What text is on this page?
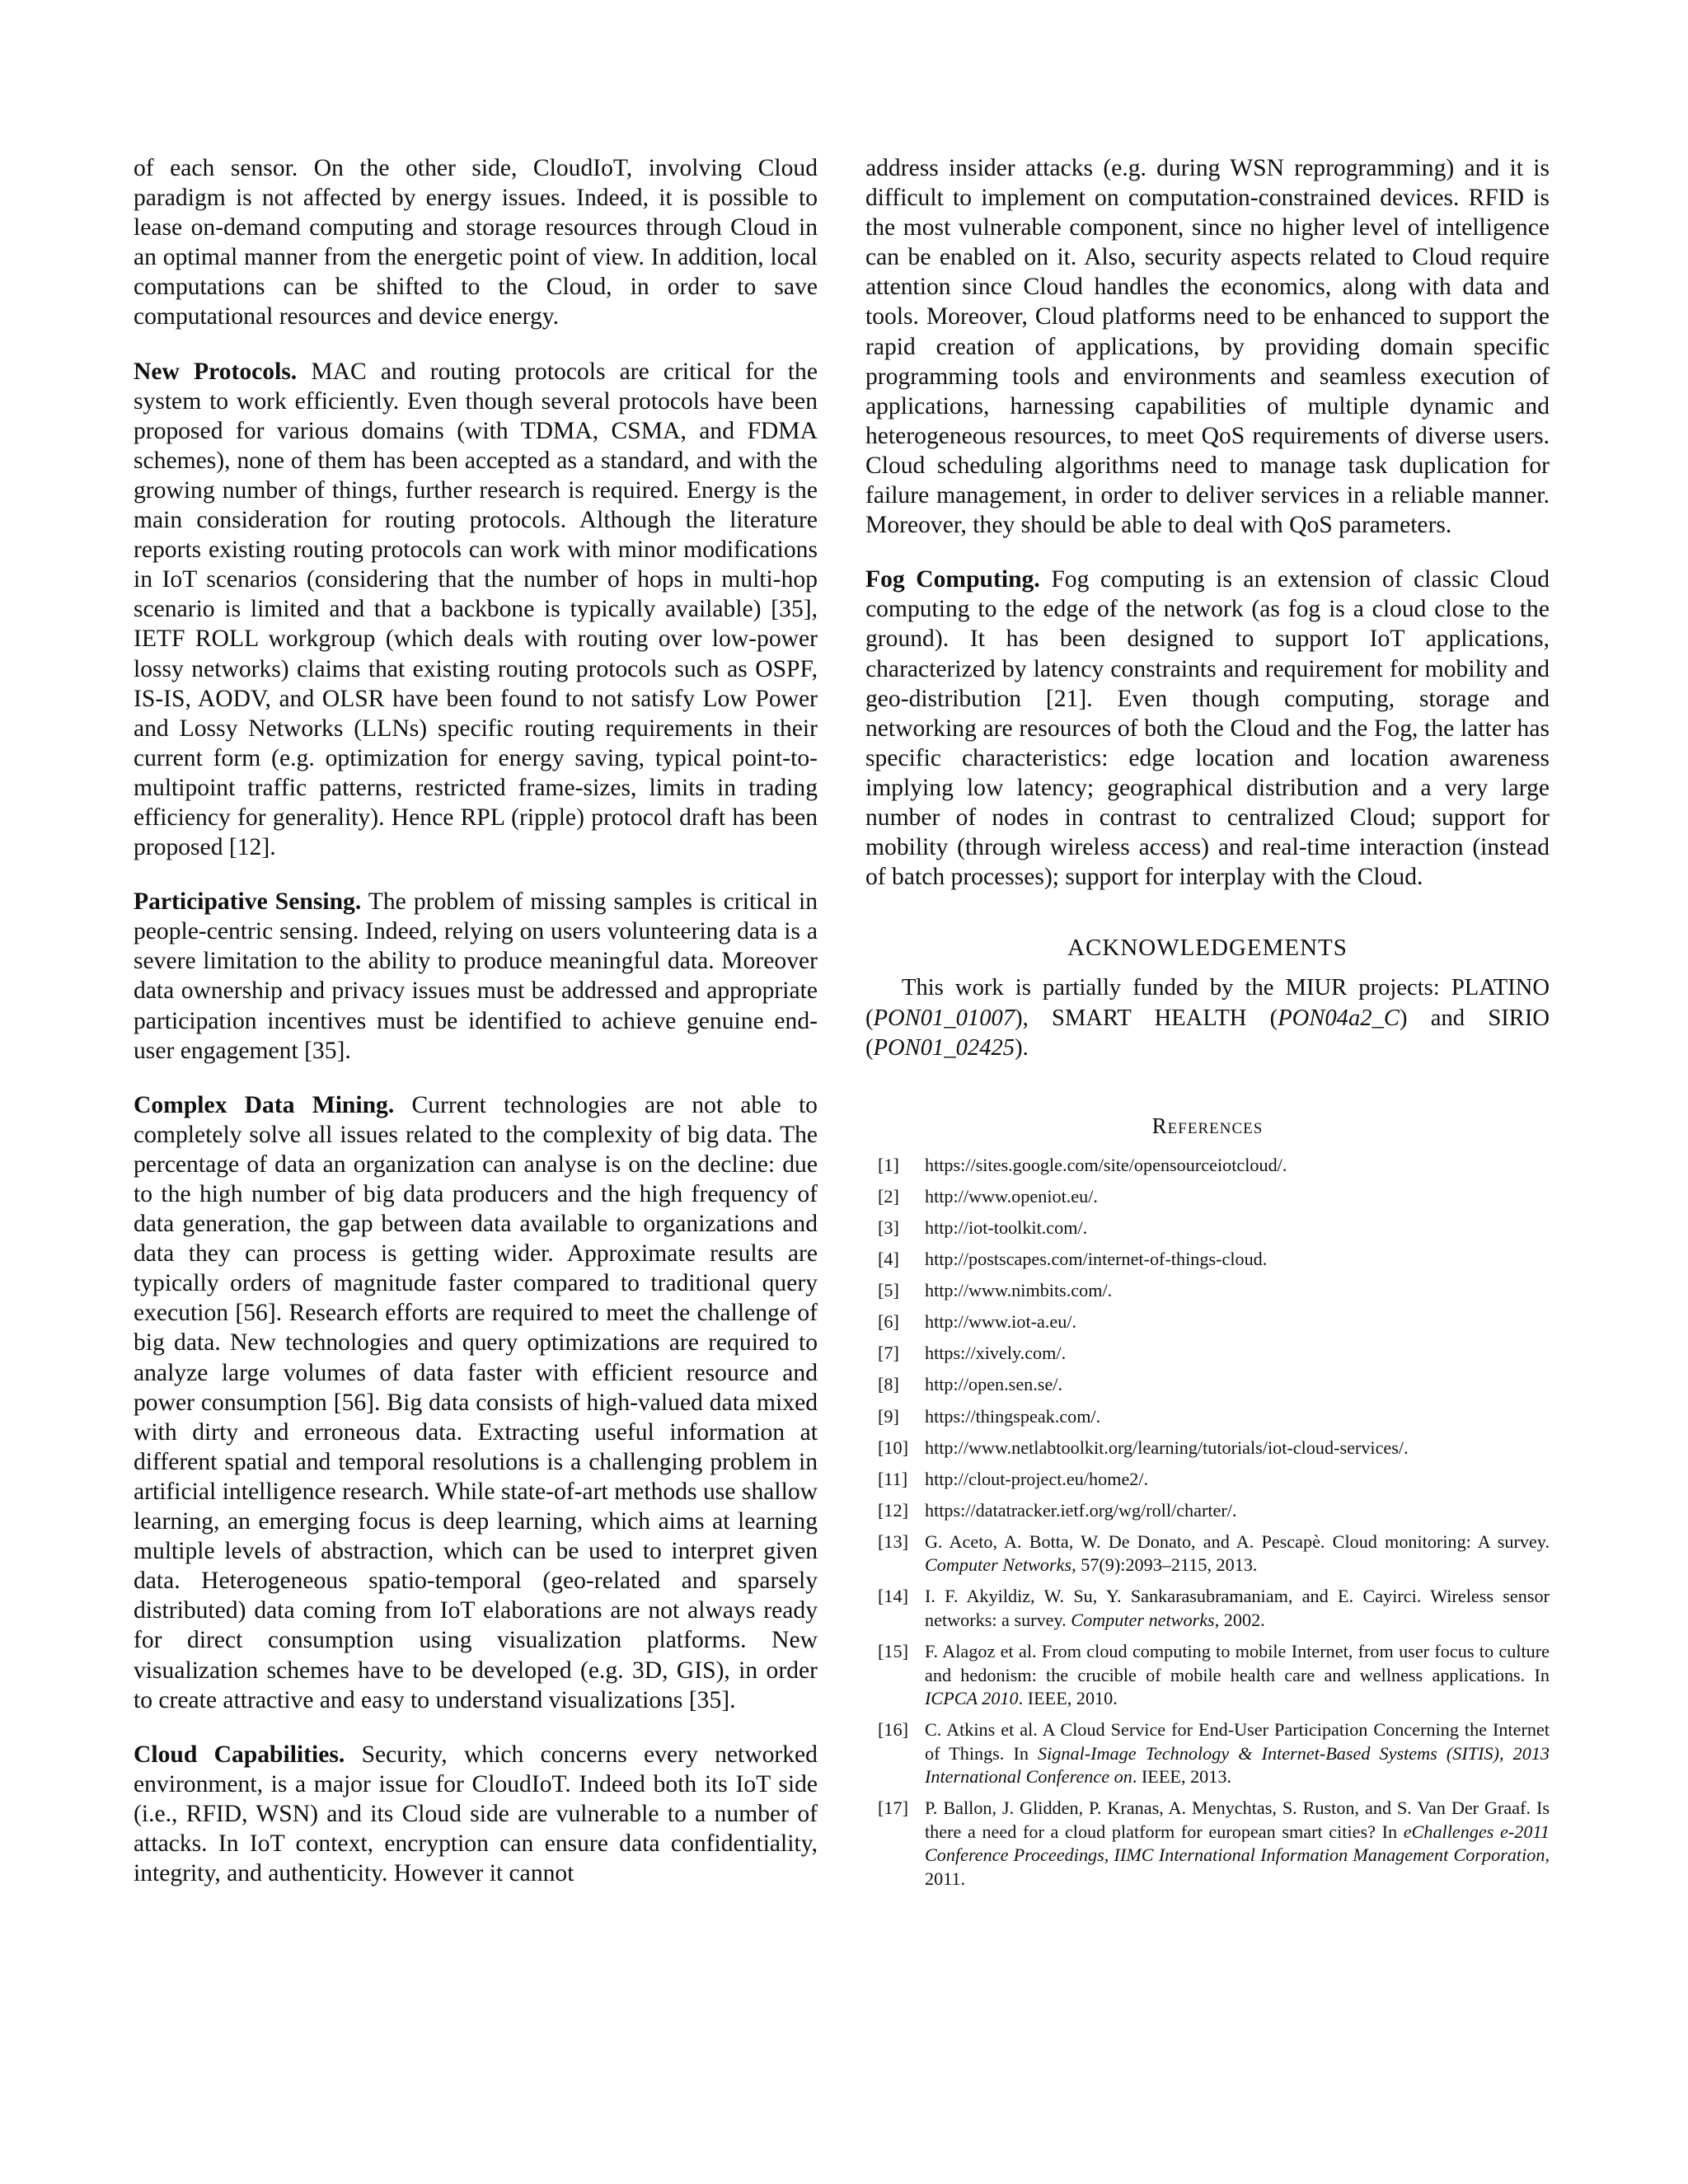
of each sensor. On the other side, CloudIoT, involving Cloud paradigm is not affected by energy issues. Indeed, it is possible to lease on-demand computing and storage resources through Cloud in an optimal manner from the energetic point of view. In addition, local computations can be shifted to the Cloud, in order to save computational resources and device energy.

New Protocols. MAC and routing protocols are critical for the system to work efficiently. Even though several protocols have been proposed for various domains (with TDMA, CSMA, and FDMA schemes), none of them has been accepted as a standard, and with the growing number of things, further research is required. Energy is the main consideration for routing protocols. Although the literature reports existing routing protocols can work with minor modifications in IoT scenarios (considering that the number of hops in multi-hop scenario is limited and that a backbone is typically available) [35], IETF ROLL workgroup (which deals with routing over low-power lossy networks) claims that existing routing protocols such as OSPF, IS-IS, AODV, and OLSR have been found to not satisfy Low Power and Lossy Networks (LLNs) specific routing requirements in their current form (e.g. optimization for energy saving, typical point-to-multipoint traffic patterns, restricted frame-sizes, limits in trading efficiency for generality). Hence RPL (ripple) protocol draft has been proposed [12].

Participative Sensing. The problem of missing samples is critical in people-centric sensing. Indeed, relying on users volunteering data is a severe limitation to the ability to produce meaningful data. Moreover data ownership and privacy issues must be addressed and appropriate participation incentives must be identified to achieve genuine end-user engagement [35].

Complex Data Mining. Current technologies are not able to completely solve all issues related to the complexity of big data. The percentage of data an organization can analyse is on the decline: due to the high number of big data producers and the high frequency of data generation, the gap between data available to organizations and data they can process is getting wider. Approximate results are typically orders of magnitude faster compared to traditional query execution [56]. Research efforts are required to meet the challenge of big data. New technologies and query optimizations are required to analyze large volumes of data faster with efficient resource and power consumption [56]. Big data consists of high-valued data mixed with dirty and erroneous data. Extracting useful information at different spatial and temporal resolutions is a challenging problem in artificial intelligence research. While state-of-art methods use shallow learning, an emerging focus is deep learning, which aims at learning multiple levels of abstraction, which can be used to interpret given data. Heterogeneous spatio-temporal (geo-related and sparsely distributed) data coming from IoT elaborations are not always ready for direct consumption using visualization platforms. New visualization schemes have to be developed (e.g. 3D, GIS), in order to create attractive and easy to understand visualizations [35].

Cloud Capabilities. Security, which concerns every networked environment, is a major issue for CloudIoT. Indeed both its IoT side (i.e., RFID, WSN) and its Cloud side are vulnerable to a number of attacks. In IoT context, encryption can ensure data confidentiality, integrity, and authenticity. However it cannot

address insider attacks (e.g. during WSN reprogramming) and it is difficult to implement on computation-constrained devices. RFID is the most vulnerable component, since no higher level of intelligence can be enabled on it. Also, security aspects related to Cloud require attention since Cloud handles the economics, along with data and tools. Moreover, Cloud platforms need to be enhanced to support the rapid creation of applications, by providing domain specific programming tools and environments and seamless execution of applications, harnessing capabilities of multiple dynamic and heterogeneous resources, to meet QoS requirements of diverse users. Cloud scheduling algorithms need to manage task duplication for failure management, in order to deliver services in a reliable manner. Moreover, they should be able to deal with QoS parameters.

Fog Computing. Fog computing is an extension of classic Cloud computing to the edge of the network (as fog is a cloud close to the ground). It has been designed to support IoT applications, characterized by latency constraints and requirement for mobility and geo-distribution [21]. Even though computing, storage and networking are resources of both the Cloud and the Fog, the latter has specific characteristics: edge location and location awareness implying low latency; geographical distribution and a very large number of nodes in contrast to centralized Cloud; support for mobility (through wireless access) and real-time interaction (instead of batch processes); support for interplay with the Cloud.

ACKNOWLEDGEMENTS

This work is partially funded by the MIUR projects: PLATINO (PON01_01007), SMART HEALTH (PON04a2_C) and SIRIO (PON01_02425).

References
[1] https://sites.google.com/site/opensourceiotcloud/.
[2] http://www.openiot.eu/.
[3] http://iot-toolkit.com/.
[4] http://postscapes.com/internet-of-things-cloud.
[5] http://www.nimbits.com/.
[6] http://www.iot-a.eu/.
[7] https://xively.com/.
[8] http://open.sen.se/.
[9] https://thingspeak.com/.
[10] http://www.netlabtoolkit.org/learning/tutorials/iot-cloud-services/.
[11] http://clout-project.eu/home2/.
[12] https://datatracker.ietf.org/wg/roll/charter/.
[13] G. Aceto, A. Botta, W. De Donato, and A. Pescapè. Cloud monitoring: A survey. Computer Networks, 57(9):2093–2115, 2013.
[14] I. F. Akyildiz, W. Su, Y. Sankarasubramaniam, and E. Cayirci. Wireless sensor networks: a survey. Computer networks, 2002.
[15] F. Alagoz et al. From cloud computing to mobile Internet, from user focus to culture and hedonism: the crucible of mobile health care and wellness applications. In ICPCA 2010. IEEE, 2010.
[16] C. Atkins et al. A Cloud Service for End-User Participation Concerning the Internet of Things. In Signal-Image Technology & Internet-Based Systems (SITIS), 2013 International Conference on. IEEE, 2013.
[17] P. Ballon, J. Glidden, P. Kranas, A. Menychtas, S. Ruston, and S. Van Der Graaf. Is there a need for a cloud platform for european smart cities? In eChallenges e-2011 Conference Proceedings, IIMC International Information Management Corporation, 2011.
